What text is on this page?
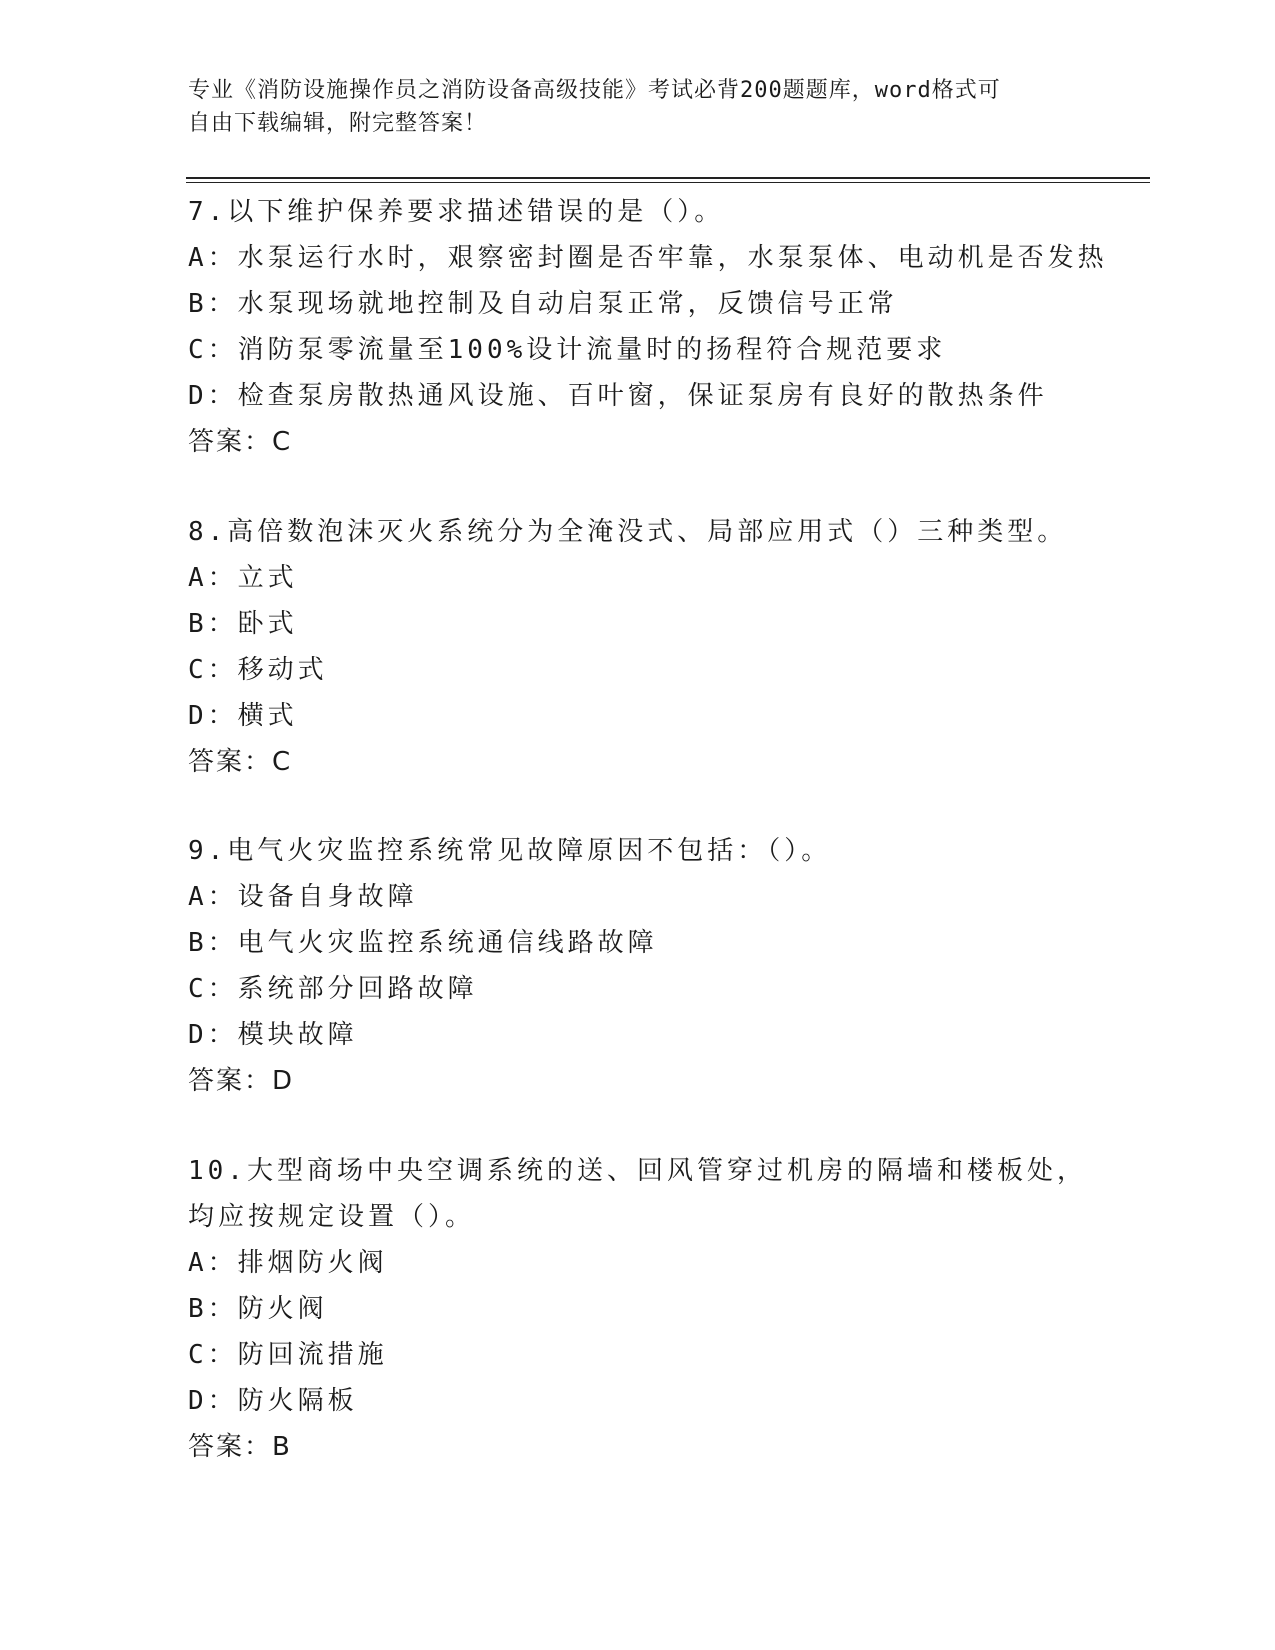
专业《消防设施操作员之消防设备高级技能》考试必背200题题库，word格式可
自由下载编辑，附完整答案！

7.以下维护保养要求描述错误的是（）。

A：水泵运行水时，艰察密封圈是否牢靠，水泵泵体、电动机是否发热

B：水泵现场就地控制及自动启泵正常，反馈信号正常

C：消防泵零流量至100%设计流量时的扬程符合规范要求

D：检查泵房散热通风设施、百叶窗，保证泵房有良好的散热条件

答案：C

8.高倍数泡沫灭火系统分为全淹没式、局部应用式（）三种类型。

A：立式

B：卧式

C：移动式

D：横式

答案：C

9.电气火灾监控系统常见故障原因不包括：（）。

A：设备自身故障

B：电气火灾监控系统通信线路故障

C：系统部分回路故障

D：模块故障

答案：D

10.大型商场中央空调系统的送、回风管穿过机房的隔墙和楼板处，均应按规定设置（）。

A：排烟防火阀

B：防火阀

C：防回流措施

D：防火隔板

答案：B
